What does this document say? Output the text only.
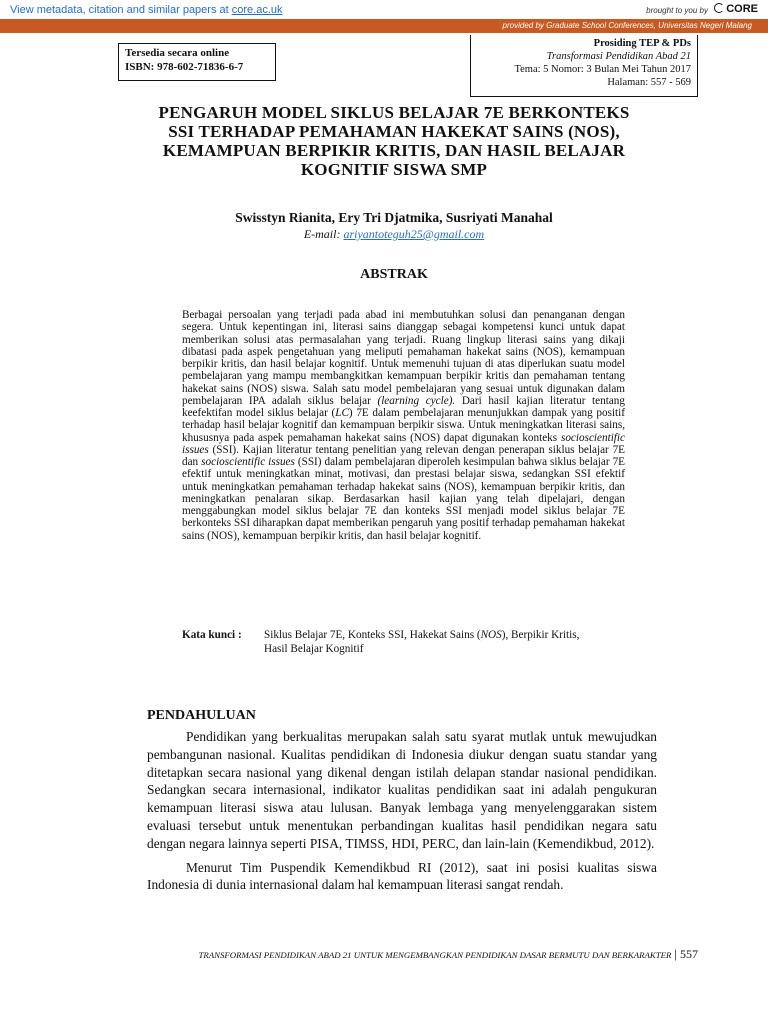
View metadata, citation and similar papers at core.ac.uk	brought to you by	CORE
provided by Graduate School Conferences, Universitas Negeri Malang
Tersedia secara online
ISBN: 978-602-71836-6-7
Prosiding TEP & PDs
Transformasi Pendidikan Abad 21
Tema: 5 Nomor: 3 Bulan Mei Tahun 2017
Halaman: 557 - 569
PENGARUH MODEL SIKLUS BELAJAR 7E BERKONTEKS
SSI TERHADAP PEMAHAMAN HAKEKAT SAINS (NOS),
KEMAMPUAN BERPIKIR KRITIS, DAN HASIL BELAJAR
KOGNITIF SISWA SMP
Swisstyn Rianita, Ery Tri Djatmika, Susriyati Manahal
E-mail: ariyantoteguh25@gmail.com
ABSTRAK

Berbagai persoalan yang terjadi pada abad ini membutuhkan solusi dan penanganan dengan segera. Untuk kepentingan ini, literasi sains dianggap sebagai kompetensi kunci untuk dapat memberikan solusi atas permasalahan yang terjadi. Ruang lingkup literasi sains yang dikaji dibatasi pada aspek pengetahuan yang meliputi pemahaman hakekat sains (NOS), kemampuan berpikir kritis, dan hasil belajar kognitif. Untuk memenuhi tujuan di atas diperlukan suatu model pembelajaran yang mampu membangkitkan kemampuan berpikir kritis dan pemahaman tentang hakekat sains (NOS) siswa. Salah satu model pembelajaran yang sesuai untuk digunakan dalam pembelajaran IPA adalah siklus belajar (learning cycle). Dari hasil kajian literatur tentang keefektifan model siklus belajar (LC) 7E dalam pembelajaran menunjukkan dampak yang positif terhadap hasil belajar kognitif dan kemampuan berpikir siswa. Untuk meningkatkan literasi sains, khususnya pada aspek pemahaman hakekat sains (NOS) dapat digunakan konteks socioscientific issues (SSI). Kajian literatur tentang penelitian yang relevan dengan penerapan siklus belajar 7E dan socioscientific issues (SSI) dalam pembelajaran diperoleh kesimpulan bahwa siklus belajar 7E efektif untuk meningkatkan minat, motivasi, dan prestasi belajar siswa, sedangkan SSI efektif untuk meningkatkan pemahaman terhadap hakekat sains (NOS), kemampuan berpikir kritis, dan meningkatkan penalaran sikap. Berdasarkan hasil kajian yang telah dipelajari, dengan menggabungkan model siklus belajar 7E dan konteks SSI menjadi model siklus belajar 7E berkonteks SSI diharapkan dapat memberikan pengaruh yang positif terhadap pemahaman hakekat sains (NOS), kemampuan berpikir kritis, dan hasil belajar kognitif.

Kata kunci : Siklus Belajar 7E, Konteks SSI, Hakekat Sains (NOS), Berpikir Kritis,
Hasil Belajar Kognitif
PENDAHULUAN

Pendidikan yang berkualitas merupakan salah satu syarat mutlak untuk mewujudkan pembangunan nasional. Kualitas pendidikan di Indonesia diukur dengan suatu standar yang ditetapkan secara nasional yang dikenal dengan istilah delapan standar nasional pendidikan. Sedangkan secara internasional, indikator kualitas pendidikan saat ini adalah pengukuran kemampuan literasi siswa atau lulusan. Banyak lembaga yang menyelenggarakan sistem evaluasi tersebut untuk menentukan perbandingan kualitas hasil pendidikan negara satu dengan negara lainnya seperti PISA, TIMSS, HDI, PERC, dan lain-lain (Kemendikbud, 2012).

Menurut Tim Puspendik Kemendikbud RI (2012), saat ini posisi kualitas siswa Indonesia di dunia internasional dalam hal kemampuan literasi sangat rendah.

TRANSFORMASI PENDIDIKAN ABAD 21 UNTUK MENGEMBANGKAN PENDIDIKAN DASAR BERMUTU DAN BERKARAKTER | 557
